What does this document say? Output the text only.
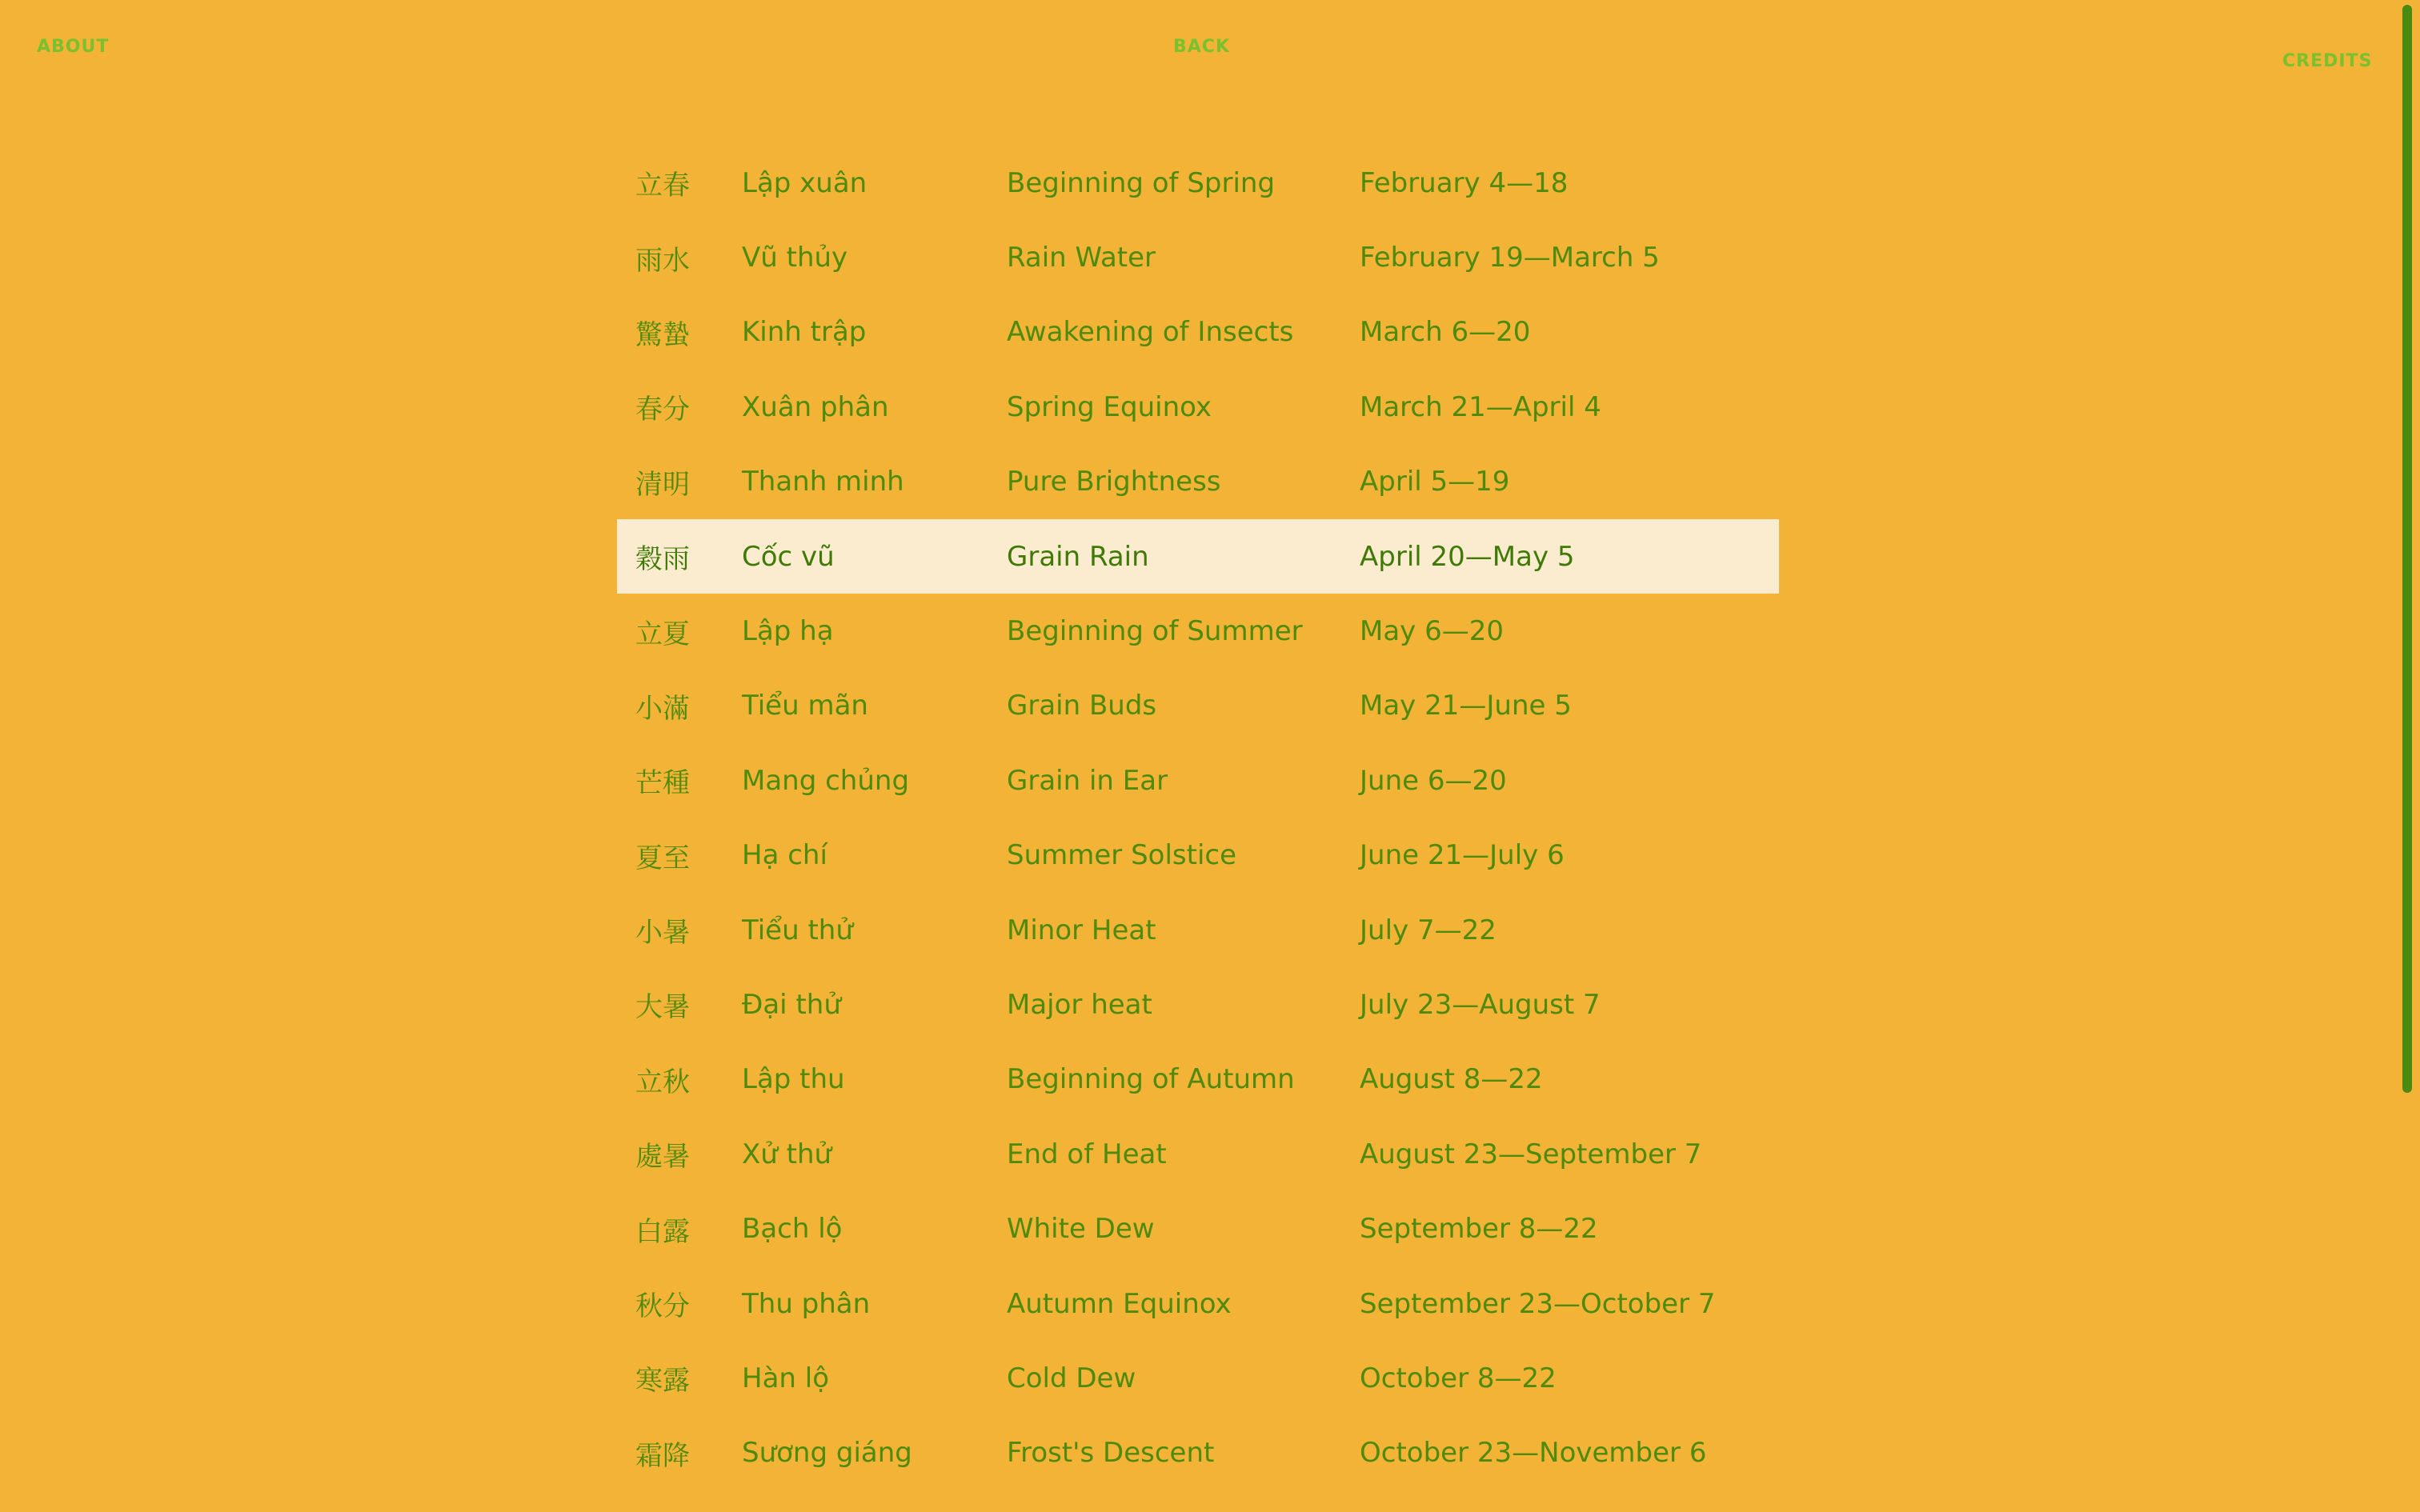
ABOUT	BACK
CREDITS
立春 Lập xuân	Beginning of Spring	February 4—18
雨水 Vũ thủy	Rain Water	February 19—March 5
驚蟄 Kinh trập	Awakening of Insects March 6—20
春分 Xuân phân	Spring Equinox	March 21—April 4
清明 Thanh minh	Pure Brightness	April 5—19
穀雨 Cốc vũ	Grain Rain	April 20—May 5
立夏 Lập hạ	Beginning of Summer May 6—20
小滿 Tiểu mãn	Grain Buds	May 21—June 5
芒種 Mang chủng	Grain in Ear	June 6—20
夏至 Hạ chí	Summer Solstice	June 21—July 6
小暑 Tiểu thử	Minor Heat	July 7—22
大暑 Đại thử	Major heat	July 23—August 7
立秋 Lập thu	Beginning of Autumn August 8—22
處暑 Xử thử	End of Heat	August 23—September 7
白露 Bạch lộ	White Dew	September 8—22
秋分 Thu phân	Autumn Equinox	September 23—October 7
寒露 Hàn lộ	Cold Dew	October 8—22
霜降 Sương giáng	Frost's Descent	October 23—November 6
